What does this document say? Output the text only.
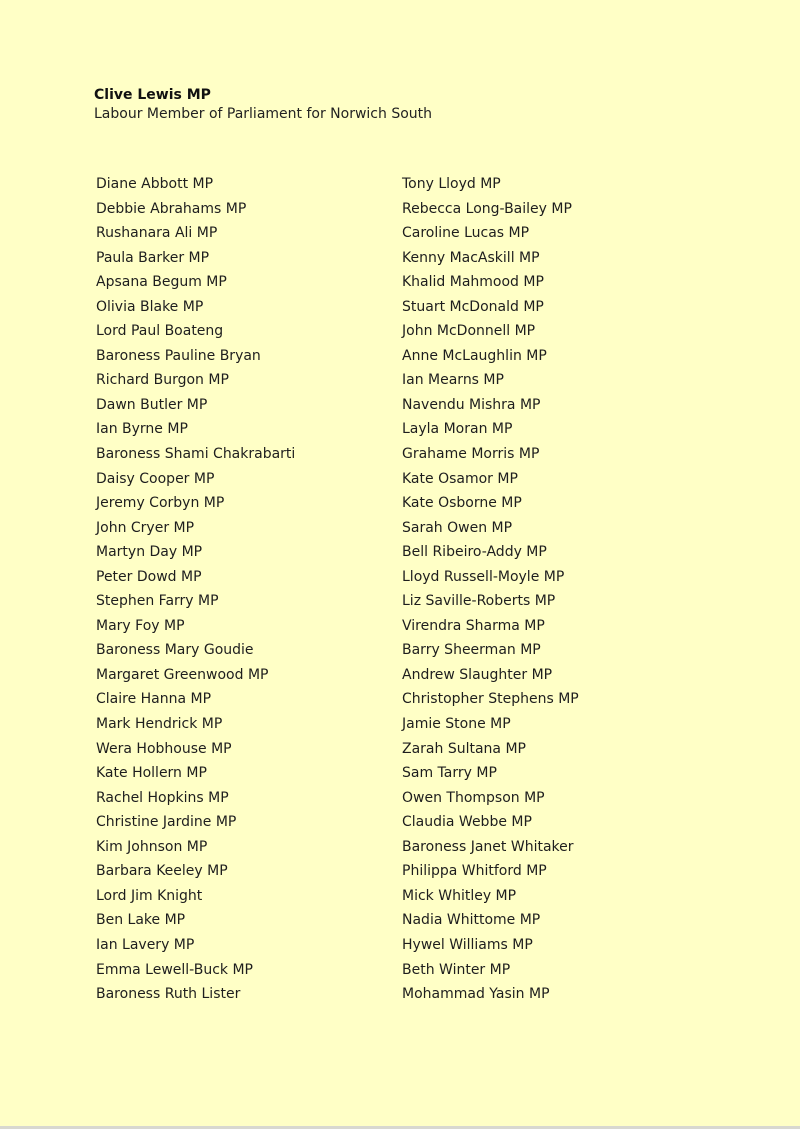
Clive Lewis MP
Labour Member of Parliament for Norwich South
Diane Abbott MP
Debbie Abrahams MP
Rushanara Ali MP
Paula Barker MP
Apsana Begum MP
Olivia Blake MP
Lord Paul Boateng
Baroness Pauline Bryan
Richard Burgon MP
Dawn Butler MP
Ian Byrne MP
Baroness Shami Chakrabarti
Daisy Cooper MP
Jeremy Corbyn MP
John Cryer MP
Martyn Day MP
Peter Dowd MP
Stephen Farry MP
Mary Foy MP
Baroness Mary Goudie
Margaret Greenwood MP
Claire Hanna MP
Mark Hendrick MP
Wera Hobhouse MP
Kate Hollern MP
Rachel Hopkins MP
Christine Jardine MP
Kim Johnson MP
Barbara Keeley MP
Lord Jim Knight
Ben Lake MP
Ian Lavery MP
Emma Lewell-Buck MP
Baroness Ruth Lister
Tony Lloyd MP
Rebecca Long-Bailey MP
Caroline Lucas MP
Kenny MacAskill MP
Khalid Mahmood MP
Stuart McDonald MP
John McDonnell MP
Anne McLaughlin MP
Ian Mearns MP
Navendu Mishra MP
Layla Moran MP
Grahame Morris MP
Kate Osamor MP
Kate Osborne MP
Sarah Owen MP
Bell Ribeiro-Addy MP
Lloyd Russell-Moyle MP
Liz Saville-Roberts MP
Virendra Sharma MP
Barry Sheerman MP
Andrew Slaughter MP
Christopher Stephens MP
Jamie Stone MP
Zarah Sultana MP
Sam Tarry MP
Owen Thompson MP
Claudia Webbe MP
Baroness Janet Whitaker
Philippa Whitford MP
Mick Whitley MP
Nadia Whittome MP
Hywel Williams MP
Beth Winter MP
Mohammad Yasin MP
